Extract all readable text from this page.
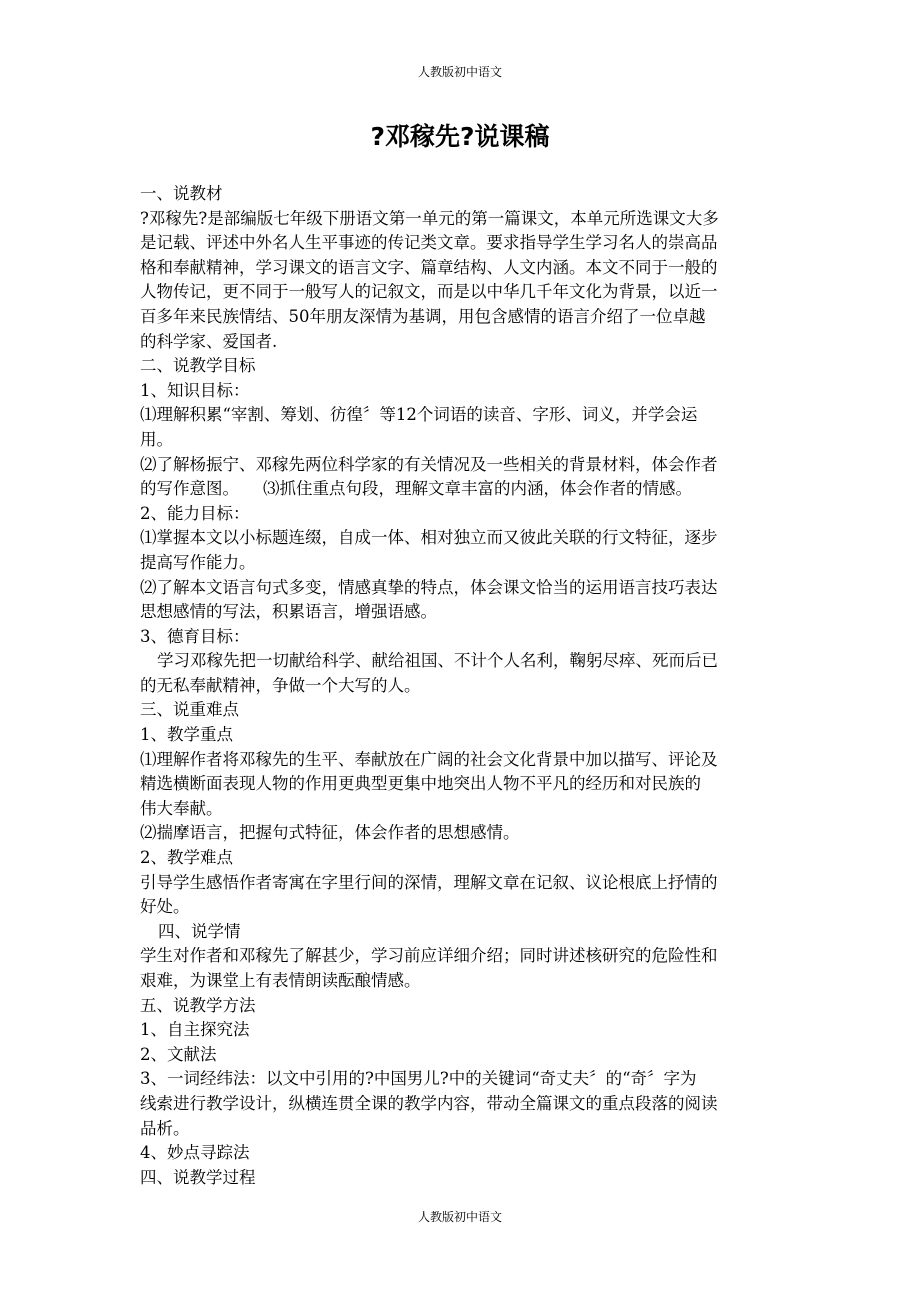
人教版初中语文
?邓稼先?说课稿
一、说教材
?邓稼先?是部编版七年级下册语文第一单元的第一篇课文，本单元所选课文大多
是记载、评述中外名人生平事迹的传记类文章。要求指导学生学习名人的崇高品
格和奉献精神，学习课文的语言文字、篇章结构、人文内涵。本文不同于一般的
人物传记，更不同于一般写人的记叙文，而是以中华几千年文化为背景，以近一
百多年来民族情结、50年朋友深情为基调，用包含感情的语言介绍了一位卓越
的科学家、爱国者.
二、说教学目标
1、知识目标：
⑴理解积累“宰割、筹划、彷徨〞等12个词语的读音、字形、词义，并学会运
用。
⑵了解杨振宁、邓稼先两位科学家的有关情况及一些相关的背景材料，体会作者
的写作意图。 ⑶抓住重点句段，理解文章丰富的内涵，体会作者的情感。
2、能力目标：
⑴掌握本文以小标题连缀，自成一体、相对独立而又彼此关联的行文特征，逐步
提高写作能力。
⑵了解本文语言句式多变，情感真挚的特点，体会课文恰当的运用语言技巧表达
思想感情的写法，积累语言，增强语感。
3、德育目标：
学习邓稼先把一切献给科学、献给祖国、不计个人名利，鞠躬尽瘁、死而后已
的无私奉献精神，争做一个大写的人。
三、说重难点
1、教学重点
⑴理解作者将邓稼先的生平、奉献放在广阔的社会文化背景中加以描写、评论及
精选横断面表现人物的作用更典型更集中地突出人物不平凡的经历和对民族的
伟大奉献。
⑵揣摩语言，把握句式特征，体会作者的思想感情。
2、教学难点
引导学生感悟作者寄寓在字里行间的深情，理解文章在记叙、议论根底上抒情的
好处。
四、说学情
学生对作者和邓稼先了解甚少，学习前应详细介绍；同时讲述核研究的危险性和
艰难，为课堂上有表情朗读酝酿情感。
五、说教学方法
1、自主探究法
2、文献法
3、一词经纬法：以文中引用的?中国男儿?中的关键词“奇丈夫〞的“奇〞字为
线索进行教学设计，纵横连贯全课的教学内容，带动全篇课文的重点段落的阅读
品析。
4、妙点寻踪法
四、说教学过程
人教版初中语文
